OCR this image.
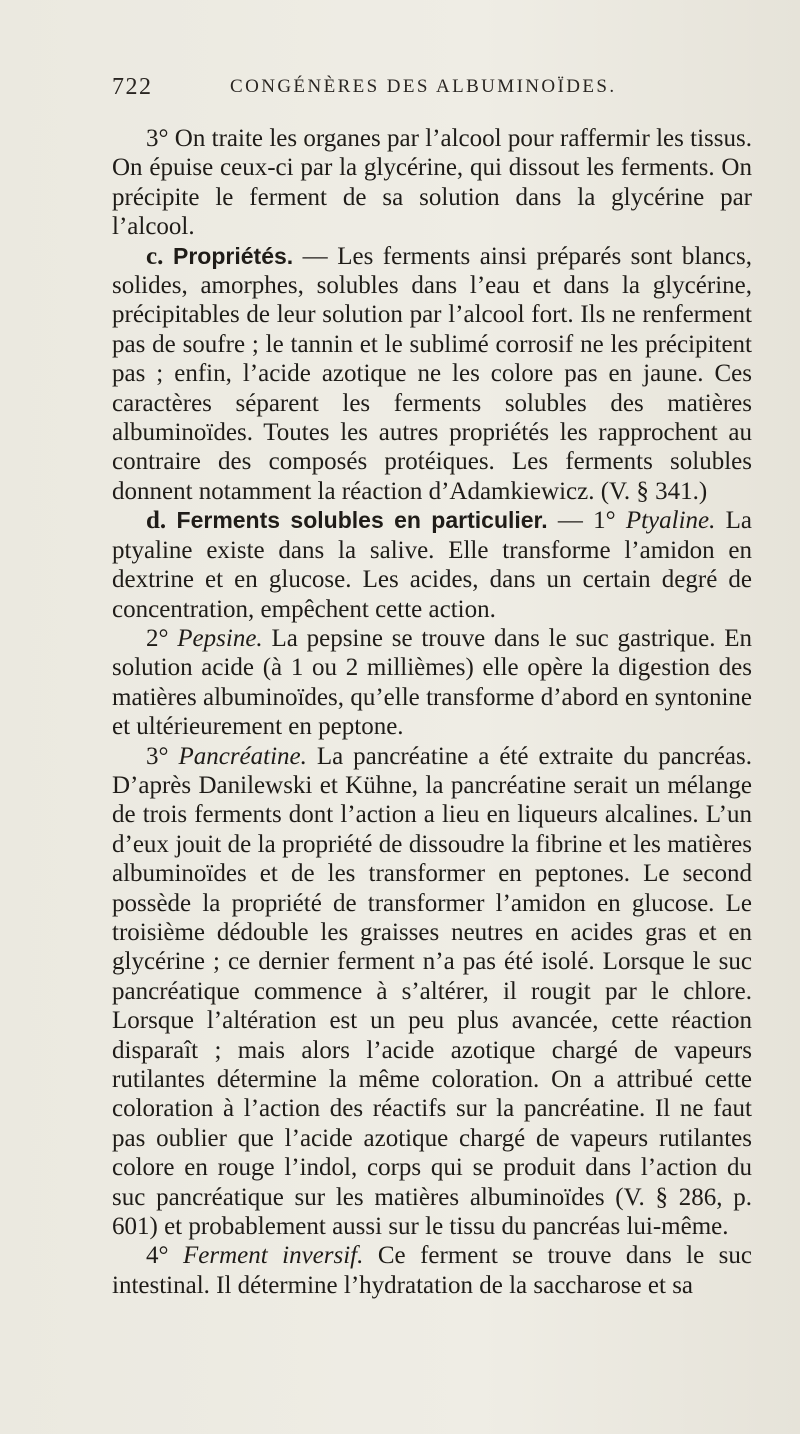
722	CONGÉNÈRES DES ALBUMINOÏDES.

3° On traite les organes par l’alcool pour raffermir les tissus. On épuise ceux-ci par la glycérine, qui dissout les ferments. On précipite le ferment de sa solution dans la glycérine par l’alcool.

c. Propriétés. — Les ferments ainsi préparés sont blancs, solides, amorphes, solubles dans l’eau et dans la glycérine, précipitables de leur solution par l’alcool fort. Ils ne renferment pas de soufre ; le tannin et le sublimé corrosif ne les précipitent pas ; enfin, l’acide azotique ne les colore pas en jaune. Ces caractères séparent les ferments solubles des matières albuminoïdes. Toutes les autres propriétés les rapprochent au contraire des composés protéiques. Les ferments solubles donnent notamment la réaction d’Adamkiewicz. (V. § 341.)

d. Ferments solubles en particulier. — 1° Ptyaline. La ptyaline existe dans la salive. Elle transforme l’amidon en dextrine et en glucose. Les acides, dans un certain degré de concentration, empêchent cette action.

2° Pepsine. La pepsine se trouve dans le suc gastrique. En solution acide (à 1 ou 2 millièmes) elle opère la digestion des matières albuminoïdes, qu’elle transforme d’abord en syntonine et ultérieurement en peptone.

3° Pancréatine. La pancréatine a été extraite du pancréas. D’après Danilewski et Kühne, la pancréatine serait un mélange de trois ferments dont l’action a lieu en liqueurs alcalines. L’un d’eux jouit de la propriété de dissoudre la fibrine et les matières albuminoïdes et de les transformer en peptones. Le second possède la propriété de transformer l’amidon en glucose. Le troisième dédouble les graisses neutres en acides gras et en glycérine ; ce dernier ferment n’a pas été isolé. Lorsque le suc pancréatique commence à s’altérer, il rougit par le chlore. Lorsque l’altération est un peu plus avancée, cette réaction disparaît ; mais alors l’acide azotique chargé de vapeurs rutilantes détermine la même coloration. On a attribué cette coloration à l’action des réactifs sur la pancréatine. Il ne faut pas oublier que l’acide azotique chargé de vapeurs rutilantes colore en rouge l’indol, corps qui se produit dans l’action du suc pancréatique sur les matières albuminoïdes (V. § 286, p. 601) et probablement aussi sur le tissu du pancréas lui-même.

4° Ferment inversif. Ce ferment se trouve dans le suc intestinal. Il détermine l’hydratation de la saccharose et sa
